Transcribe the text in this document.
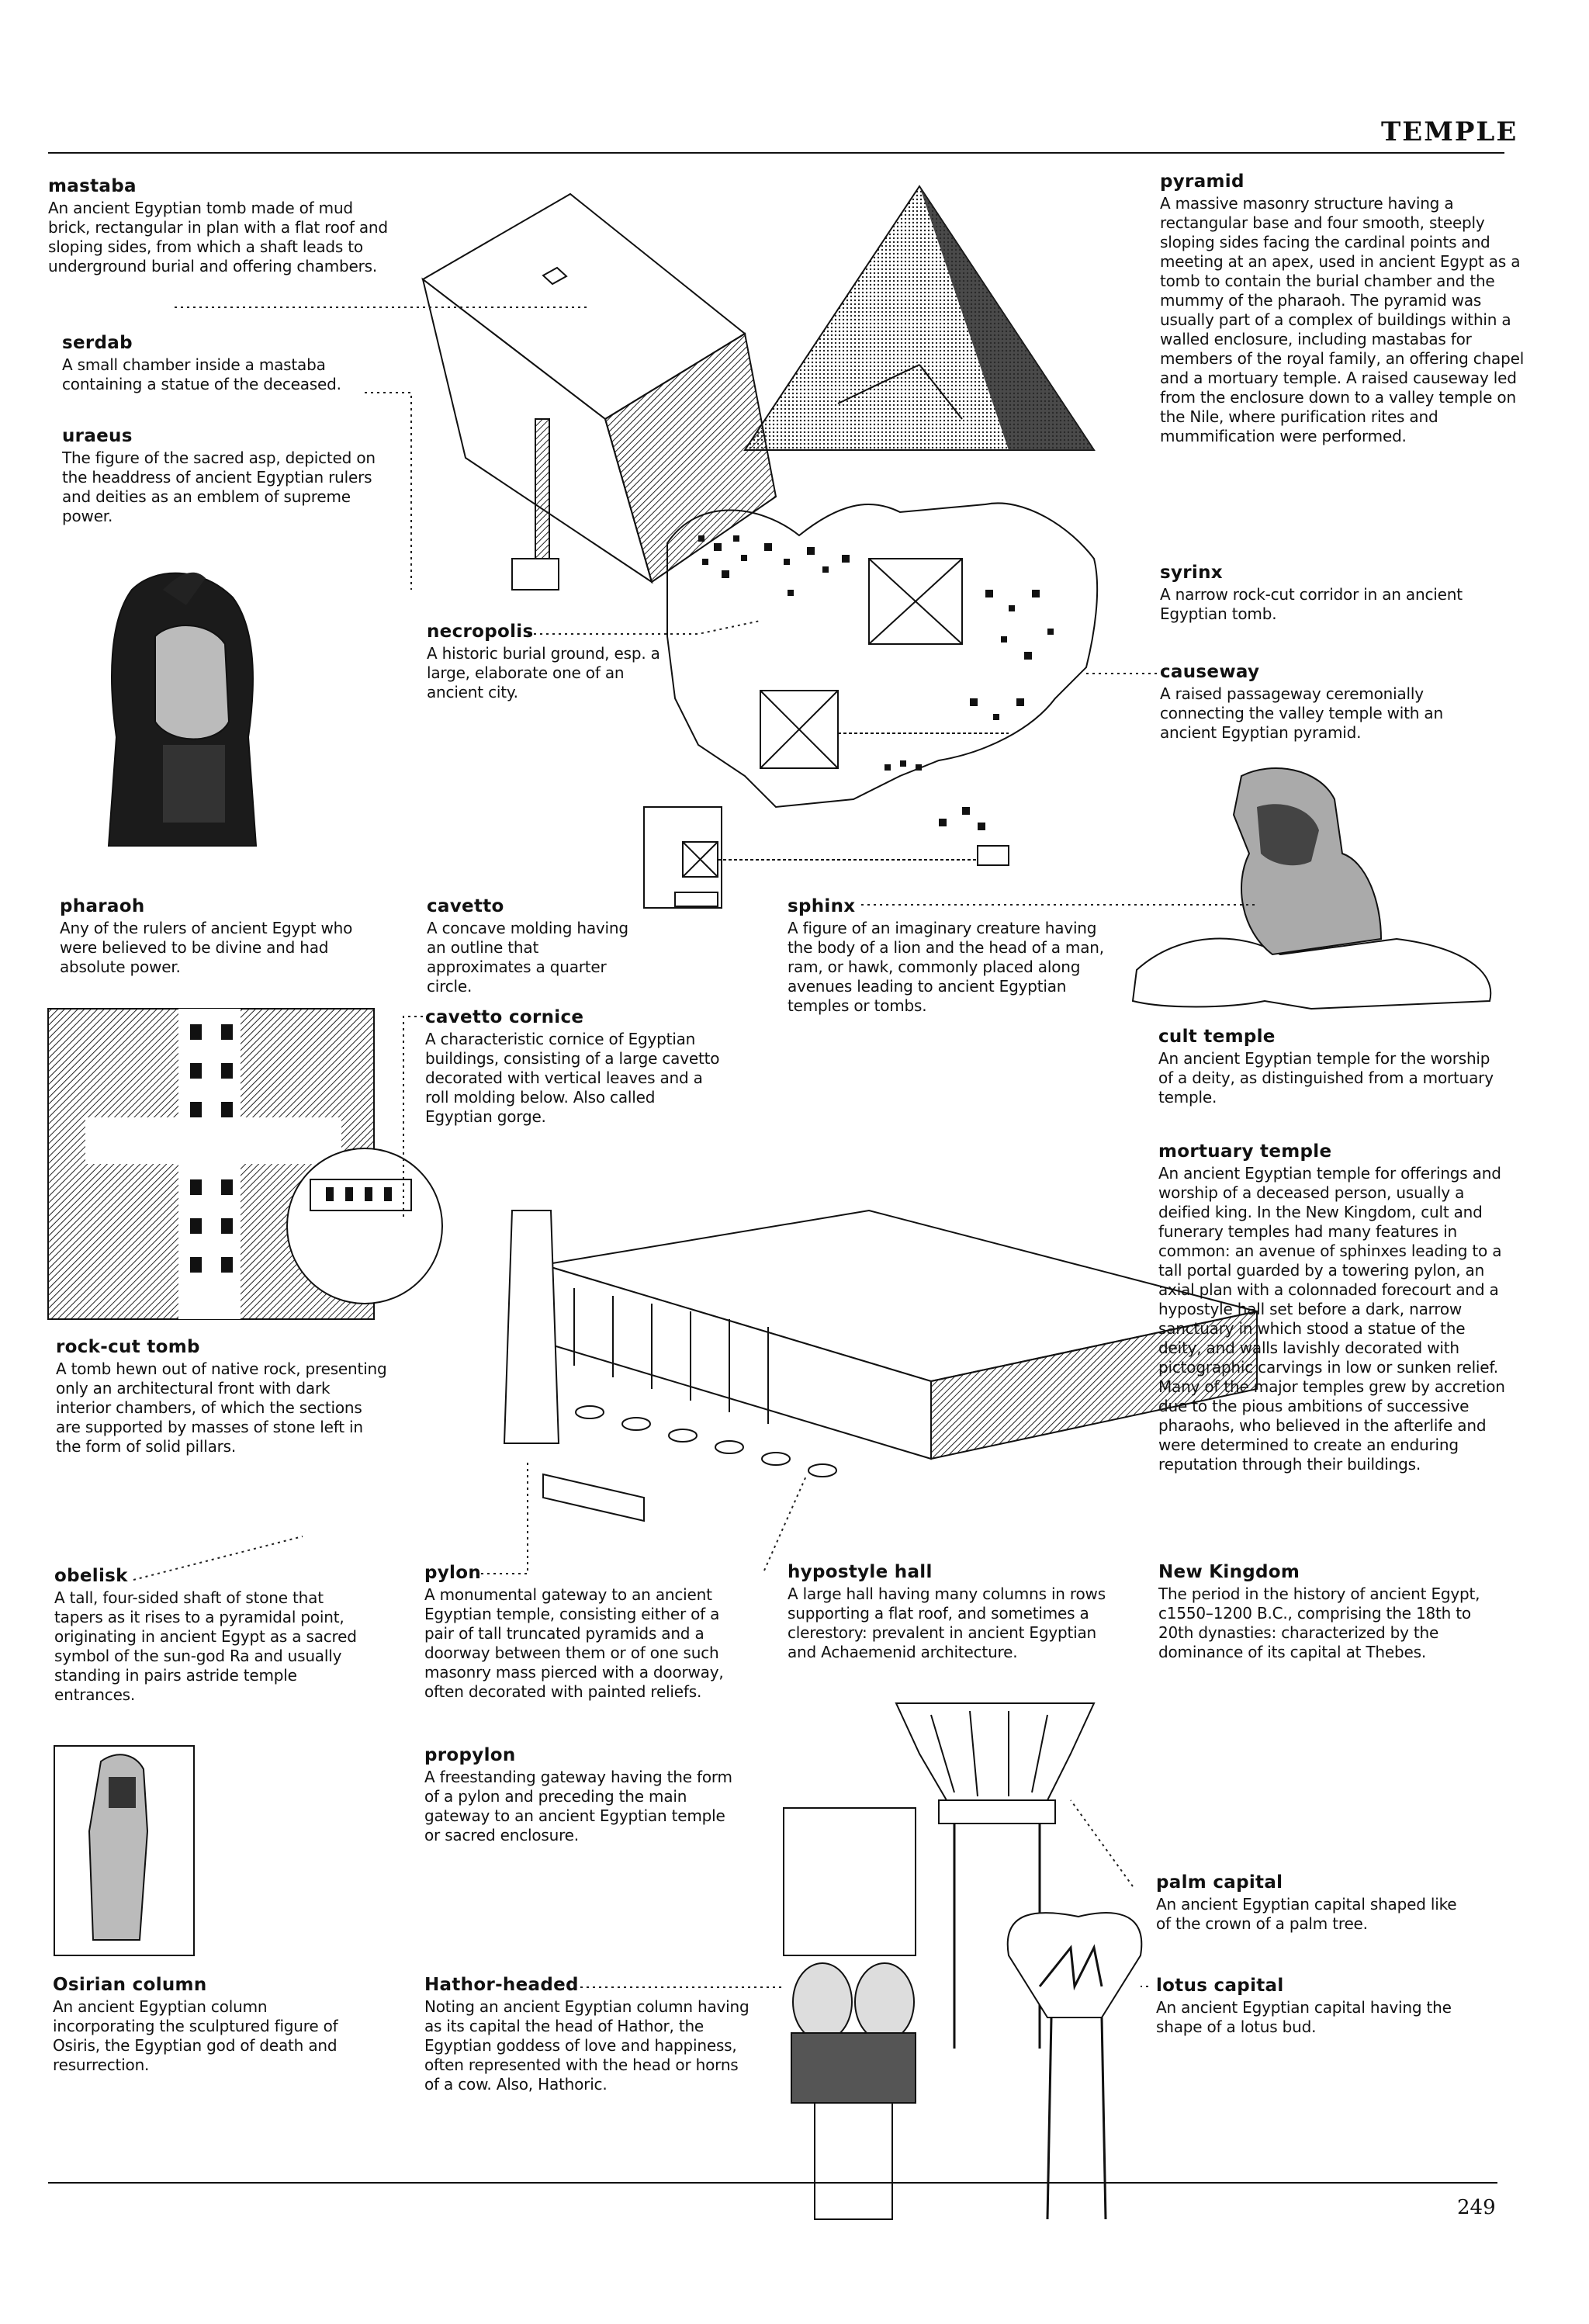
TEMPLE
249

mastaba

An ancient Egyptian tomb made of mud brick, rectangular in plan with a flat roof and sloping sides, from which a shaft leads to underground burial and offering chambers.

serdab

A small chamber inside a mastaba containing a statue of the deceased.

uraeus

The figure of the sacred asp, depicted on the headdress of ancient Egyptian rulers and deities as an emblem of supreme power.

pyramid

A massive masonry structure having a rectangular base and four smooth, steeply sloping sides facing the cardinal points and meeting at an apex, used in ancient Egypt as a tomb to contain the burial chamber and the mummy of the pharaoh. The pyramid was usually part of a complex of buildings within a walled enclosure, including mastabas for members of the royal family, an offering chapel and a mortuary temple. A raised causeway led from the enclosure down to a valley temple on the Nile, where purification rites and mummification were performed.

syrinx

A narrow rock-cut corridor in an ancient Egyptian tomb.

causeway

A raised passageway ceremonially connecting the valley temple with an ancient Egyptian pyramid.

necropolis

A historic burial ground, esp. a large, elaborate one of an ancient city.

pharaoh

Any of the rulers of ancient Egypt who were believed to be divine and had absolute power.

cavetto

A concave molding having an outline that approximates a quarter circle.

sphinx

A figure of an imaginary creature having the body of a lion and the head of a man, ram, or hawk, commonly placed along avenues leading to ancient Egyptian temples or tombs.

cavetto cornice

A characteristic cornice of Egyptian buildings, consisting of a large cavetto decorated with vertical leaves and a roll molding below. Also called Egyptian gorge.

cult temple

An ancient Egyptian temple for the worship of a deity, as distinguished from a mortuary temple.

mortuary temple

An ancient Egyptian temple for offerings and worship of a deceased person, usually a deified king. In the New Kingdom, cult and funerary temples had many features in common: an avenue of sphinxes leading to a tall portal guarded by a towering pylon, an axial plan with a colonnaded forecourt and a hypostyle hall set before a dark, narrow sanctuary in which stood a statue of the deity, and walls lavishly decorated with pictographic carvings in low or sunken relief. Many of the major temples grew by accretion due to the pious ambitions of successive pharaohs, who believed in the afterlife and were determined to create an enduring reputation through their buildings.

rock-cut tomb

A tomb hewn out of native rock, presenting only an architectural front with dark interior chambers, of which the sections are supported by masses of stone left in the form of solid pillars.

New Kingdom

The period in the history of ancient Egypt, c1550–1200 B.C., comprising the 18th to 20th dynasties: characterized by the dominance of its capital at Thebes.

obelisk

A tall, four-sided shaft of stone that tapers as it rises to a pyramidal point, originating in ancient Egypt as a sacred symbol of the sun-god Ra and usually standing in pairs astride temple entrances.

pylon

A monumental gateway to an ancient Egyptian temple, consisting either of a pair of tall truncated pyramids and a doorway between them or of one such masonry mass pierced with a doorway, often decorated with painted reliefs.

hypostyle hall

A large hall having many columns in rows supporting a flat roof, and sometimes a clerestory: prevalent in ancient Egyptian and Achaemenid architecture.

propylon

A freestanding gateway having the form of a pylon and preceding the main gateway to an ancient Egyptian temple or sacred enclosure.

palm capital

An ancient Egyptian capital shaped like of the crown of a palm tree.

Osirian column

An ancient Egyptian column incorporating the sculptured figure of Osiris, the Egyptian god of death and resurrection.

Hathor-headed

Noting an ancient Egyptian column having as its capital the head of Hathor, the Egyptian goddess of love and happiness, often represented with the head or horns of a cow. Also, Hathoric.

lotus capital

An ancient Egyptian capital having the shape of a lotus bud.
